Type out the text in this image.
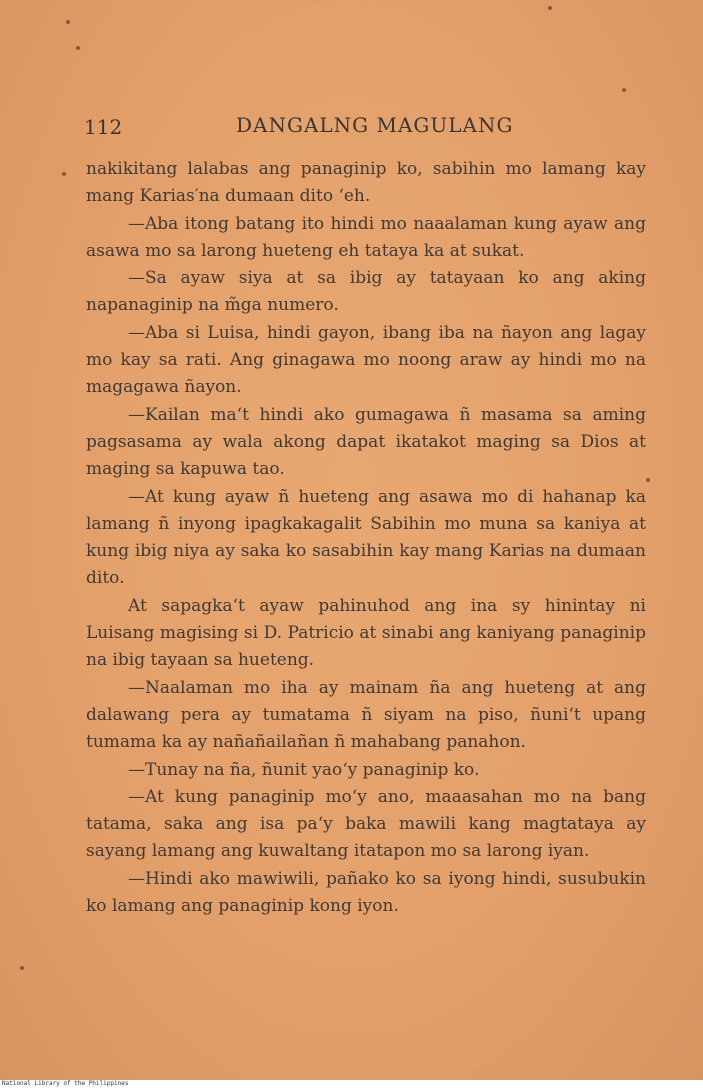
112	DANGALNG MAGULANG

nakikitang lalabas ang panaginip ko, sabihin mo lamang kay mang Karias′na dumaan dito ‘eh.

—Aba itong batang ito hindi mo naaalaman kung ayaw ang asawa mo sa larong hueteng eh tataya ka at sukat.

—Sa ayaw siya at sa ibig ay tatayaan ko ang aking napanaginip na m̃ga numero.

—Aba si Luisa, hindi gayon, ibang iba na ñayon ang lagay mo kay sa rati. Ang ginagawa mo noong araw ay hindi mo na magagawa ñayon.

—Kailan ma‘t hindi ako gumagawa ñ masama sa aming pagsasama ay wala akong dapat ikatakot maging sa Dios at maging sa kapuwa tao.

—At kung ayaw ñ hueteng ang asawa mo di hahanap ka lamang ñ inyong ipagkakagalit Sabihin mo muna sa kaniya at kung ibig niya ay saka ko sasabihin kay mang Karias na dumaan dito.

At sapagka‘t ayaw pahinuhod ang ina sy hinintay ni Luisang magising si D. Patricio at sinabi ang kaniyang panaginip na ibig tayaan sa hueteng.

—Naalaman mo iha ay mainam ña ang hueteng at ang dalawang pera ay tumatama ñ siyam na piso, ñuni‘t upang tumama ka ay nañañailañan ñ mahabang panahon.

—Tunay na ña, ñunit yao‘y panaginip ko.

—At kung panaginip mo‘y ano, maaasahan mo na bang tatama, saka ang isa pa‘y baka mawili kang magtataya ay sayang lamang ang kuwaltang itatapon mo sa larong iyan.

—Hindi ako mawiwili, pañako ko sa iyong hindi, susubukin ko lamang ang panaginip kong iyon.

National Library of the Philippines
